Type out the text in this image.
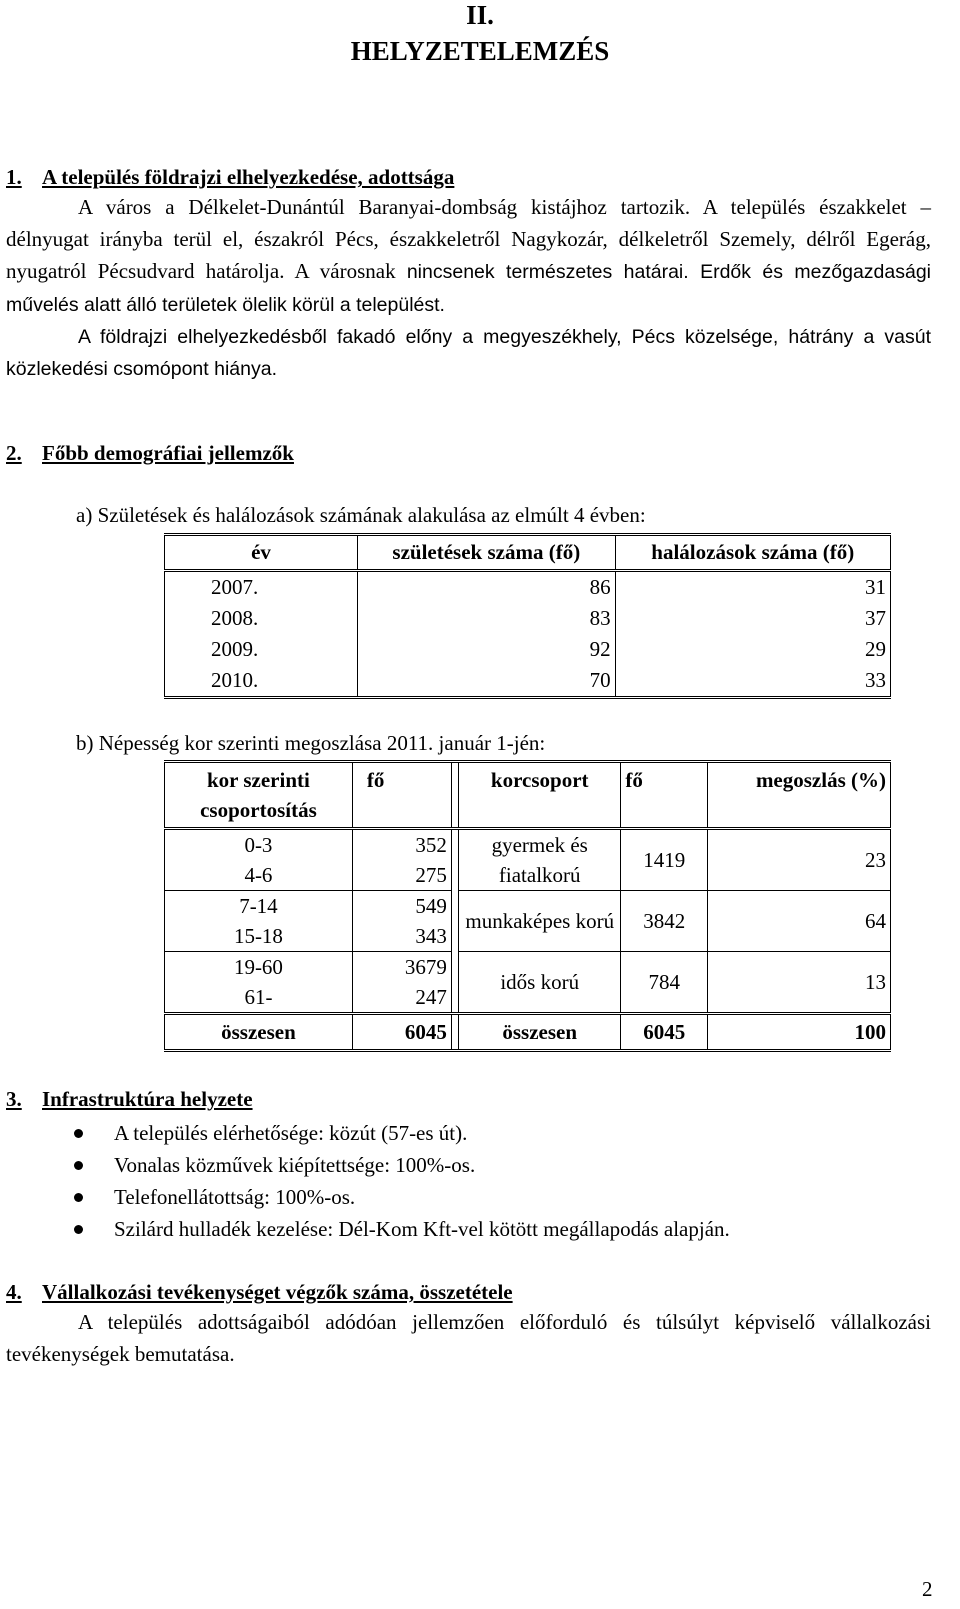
II.
HELYZETELEMZÉS
1. A település földrajzi elhelyezkedése, adottsága

A város a Délkelet-Dunántúl Baranyai-dombság kistájhoz tartozik. A település északkelet – délnyugat irányba terül el, északról Pécs, északkeletről Nagykozár, délkeletről Szemely, délről Egerág, nyugatról Pécsudvard határolja. A városnak nincsenek természetes határai. Erdők és mezőgazdasági művelés alatt álló területek ölelik körül a települést.

A földrajzi elhelyezkedésből fakadó előny a megyeszékhely, Pécs közelsége, hátrány a vasút közlekedési csomópont hiánya.

2. Főbb demográfiai jellemzők
a) Születések és halálozások számának alakulása az elmúlt 4 évben:
év	születések száma (fő)	halálozások száma (fő)
2007.	86	31
2008.	83	37
2009.	92	29
2010.	70	33
b) Népesség kor szerinti megoszlása 2011. január 1-jén:
kor szerinti csoportosítás	fő		korcsoport	fő	megoszlás (%)
0-3	352		gyermek és fiatalkorú	1419	23
4-6	275				
7-14	549		munkaképes korú	3842	64
15-18	343				
19-60	3679		idős korú	784	13
61-	247				
összesen	6045		összesen	6045	100
3. Infrastruktúra helyzete
A település elérhetősége: közút (57-es út).
Vonalas közművek kiépítettsége: 100%-os.
Telefonellátottság: 100%-os.
Szilárd hulladék kezelése: Dél-Kom Kft-vel kötött megállapodás alapján.
4. Vállalkozási tevékenységet végzők száma, összetétele

A település adottságaiból adódóan jellemzően előforduló és túlsúlyt képviselő vállalkozási tevékenységek bemutatása.

2
